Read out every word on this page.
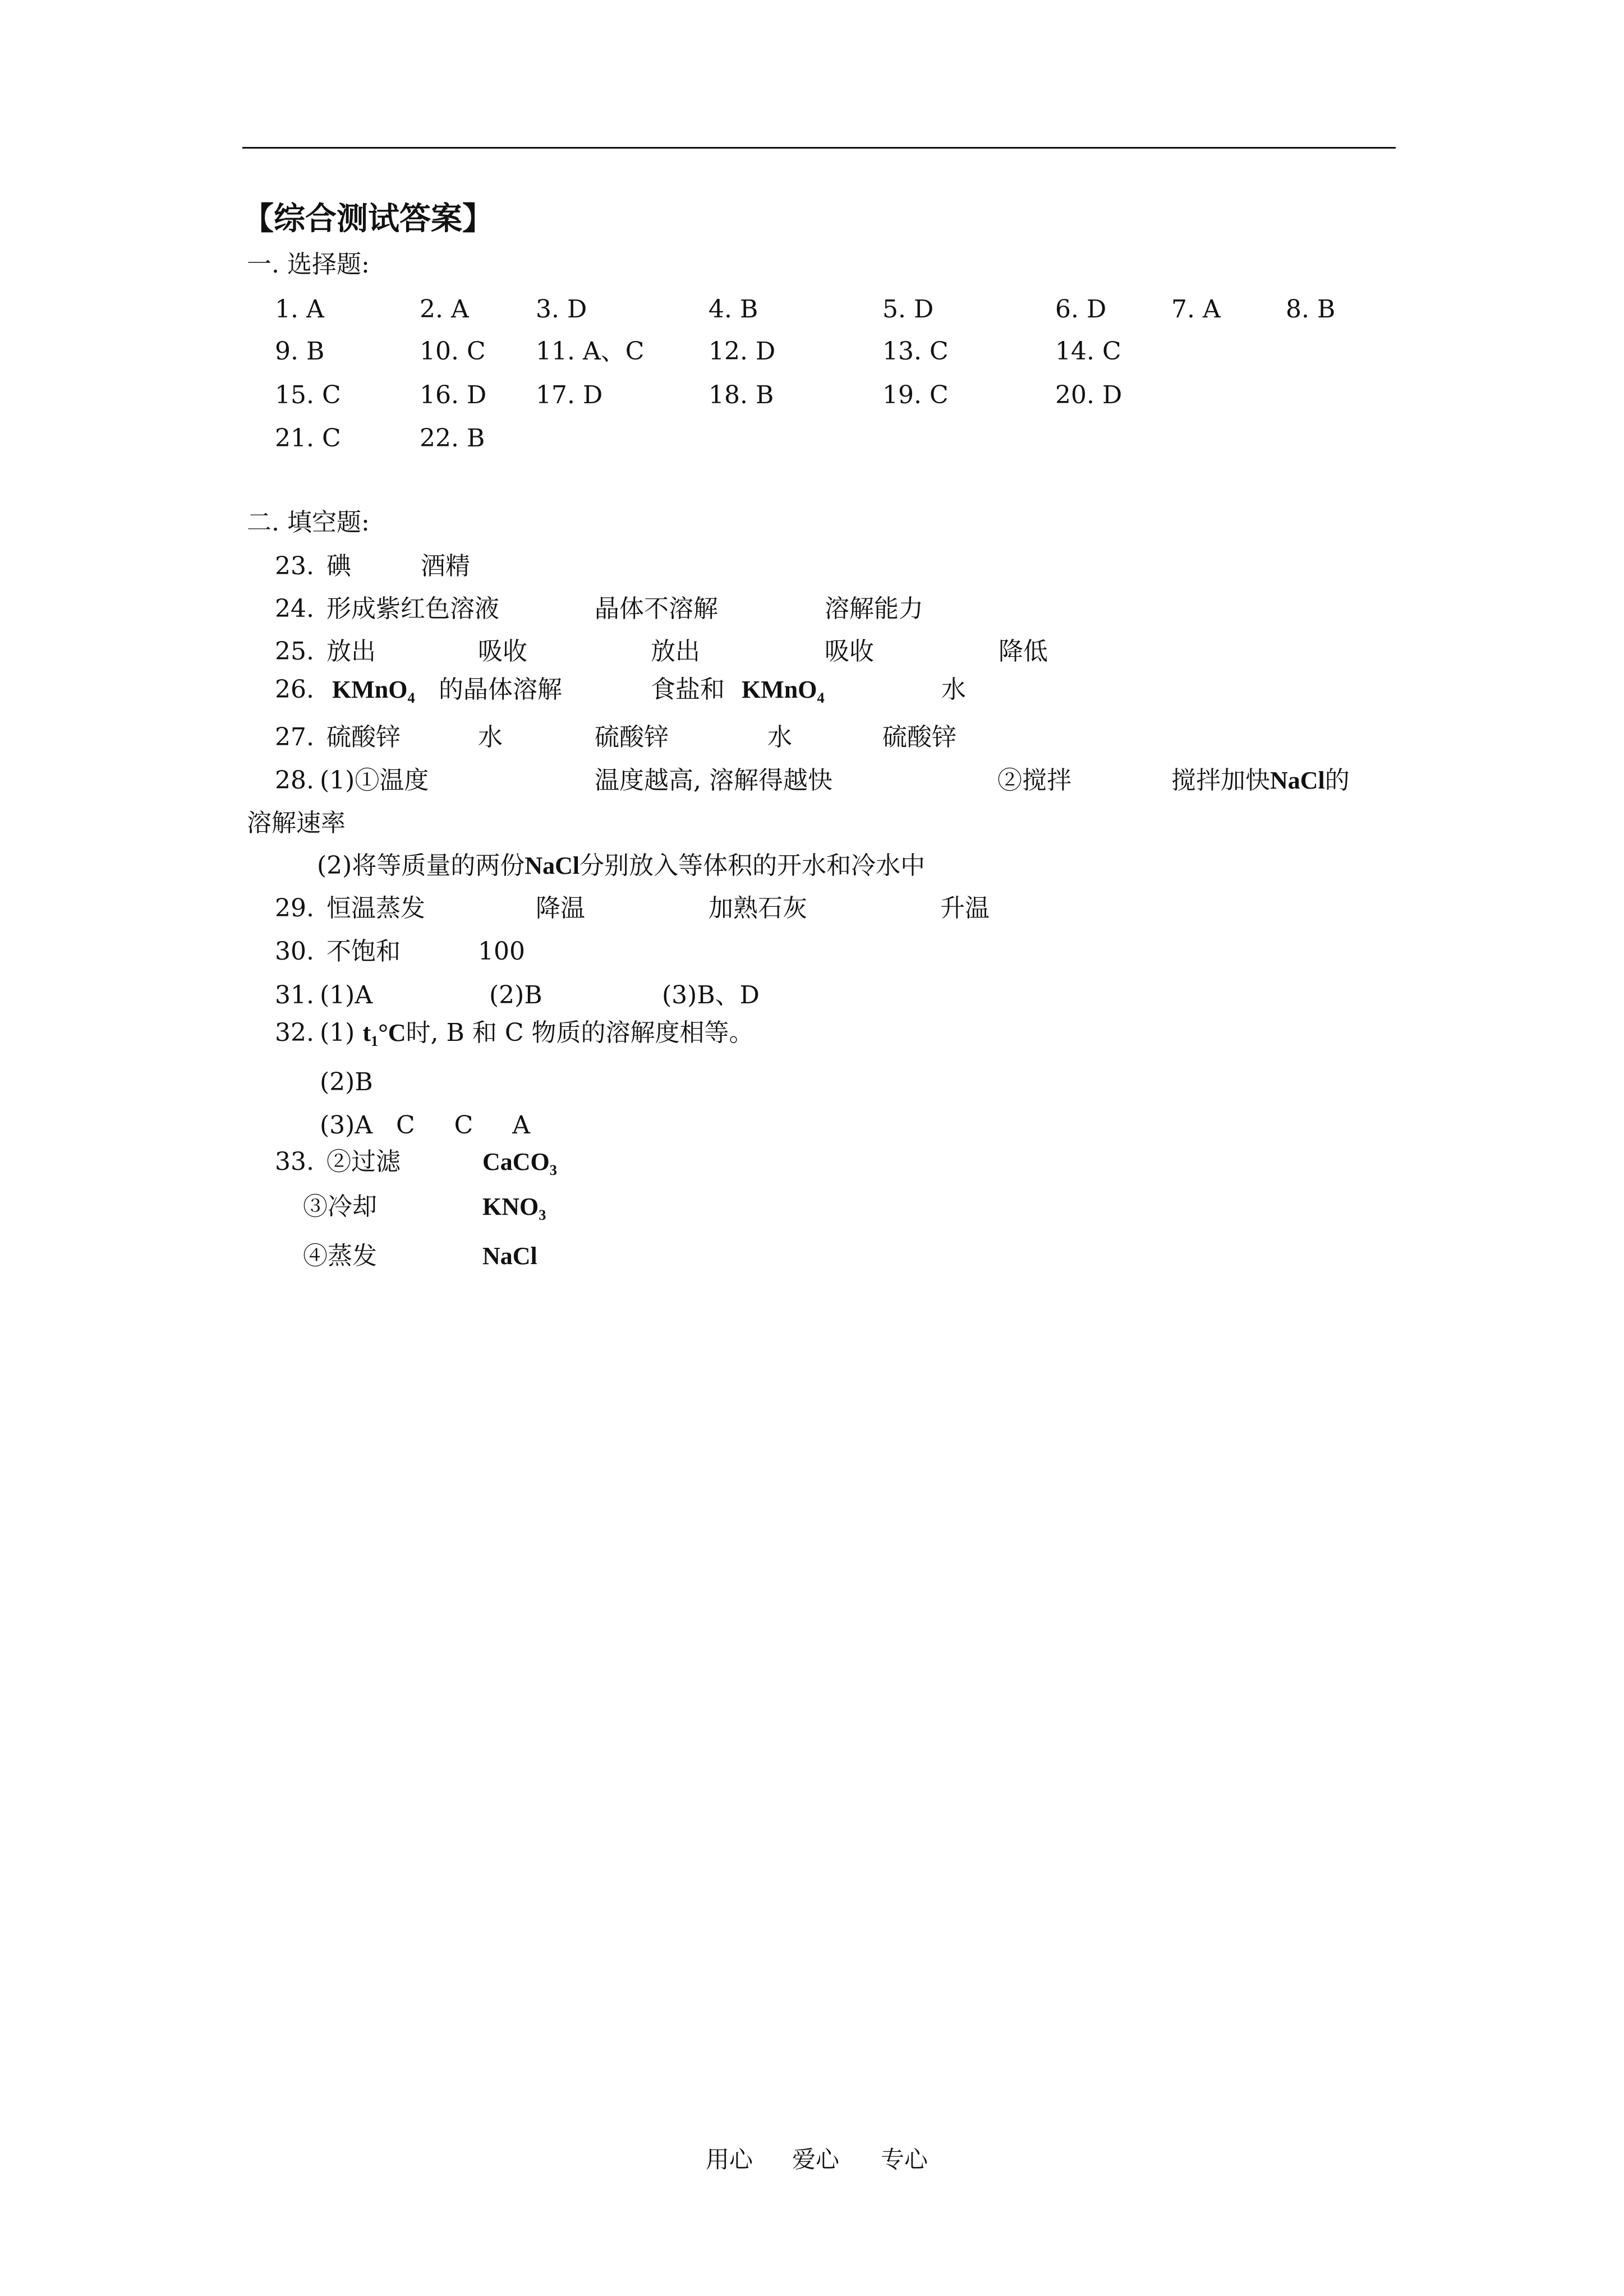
【综合测试答案】
一. 选择题:
1. A	2. A	3. D	4. B	5. D	6. D	7. A	8. B
9. B	10. C 11. A、C	12. D	13. C	14. C
15. C	16. D 17. D	18. B	19. C	20. D
21. C	22. B
二. 填空题:
23. 碘	酒精
24. 形成紫红色溶液	晶体不溶解	溶解能力
25. 放出	吸收	放出	吸收	降低
26. KMnO$_4$ 的晶体溶解	食盐和 KMnO$_4$	水
27. 硫酸锌	水	硫酸锌	水	硫酸锌
28. (1)①温度	温度越高, 溶解得越快	②搅拌	搅拌加快NaCl的
溶解速率
(2)将等质量的两份NaCl分别放入等体积的开水和冷水中
29. 恒温蒸发	降温	加熟石灰	升温
30. 不饱和	100
31. (1)A	(2)B	(3)B、D
32. (1) $t_1^\circ C$时, B 和 C 物质的溶解度相等。
(2)B
(3)A   C     C     A
33. ②过滤	CaCO$_3$
③冷却	$KNO_3$
④蒸发	NaCl
用心 爱心 专心
